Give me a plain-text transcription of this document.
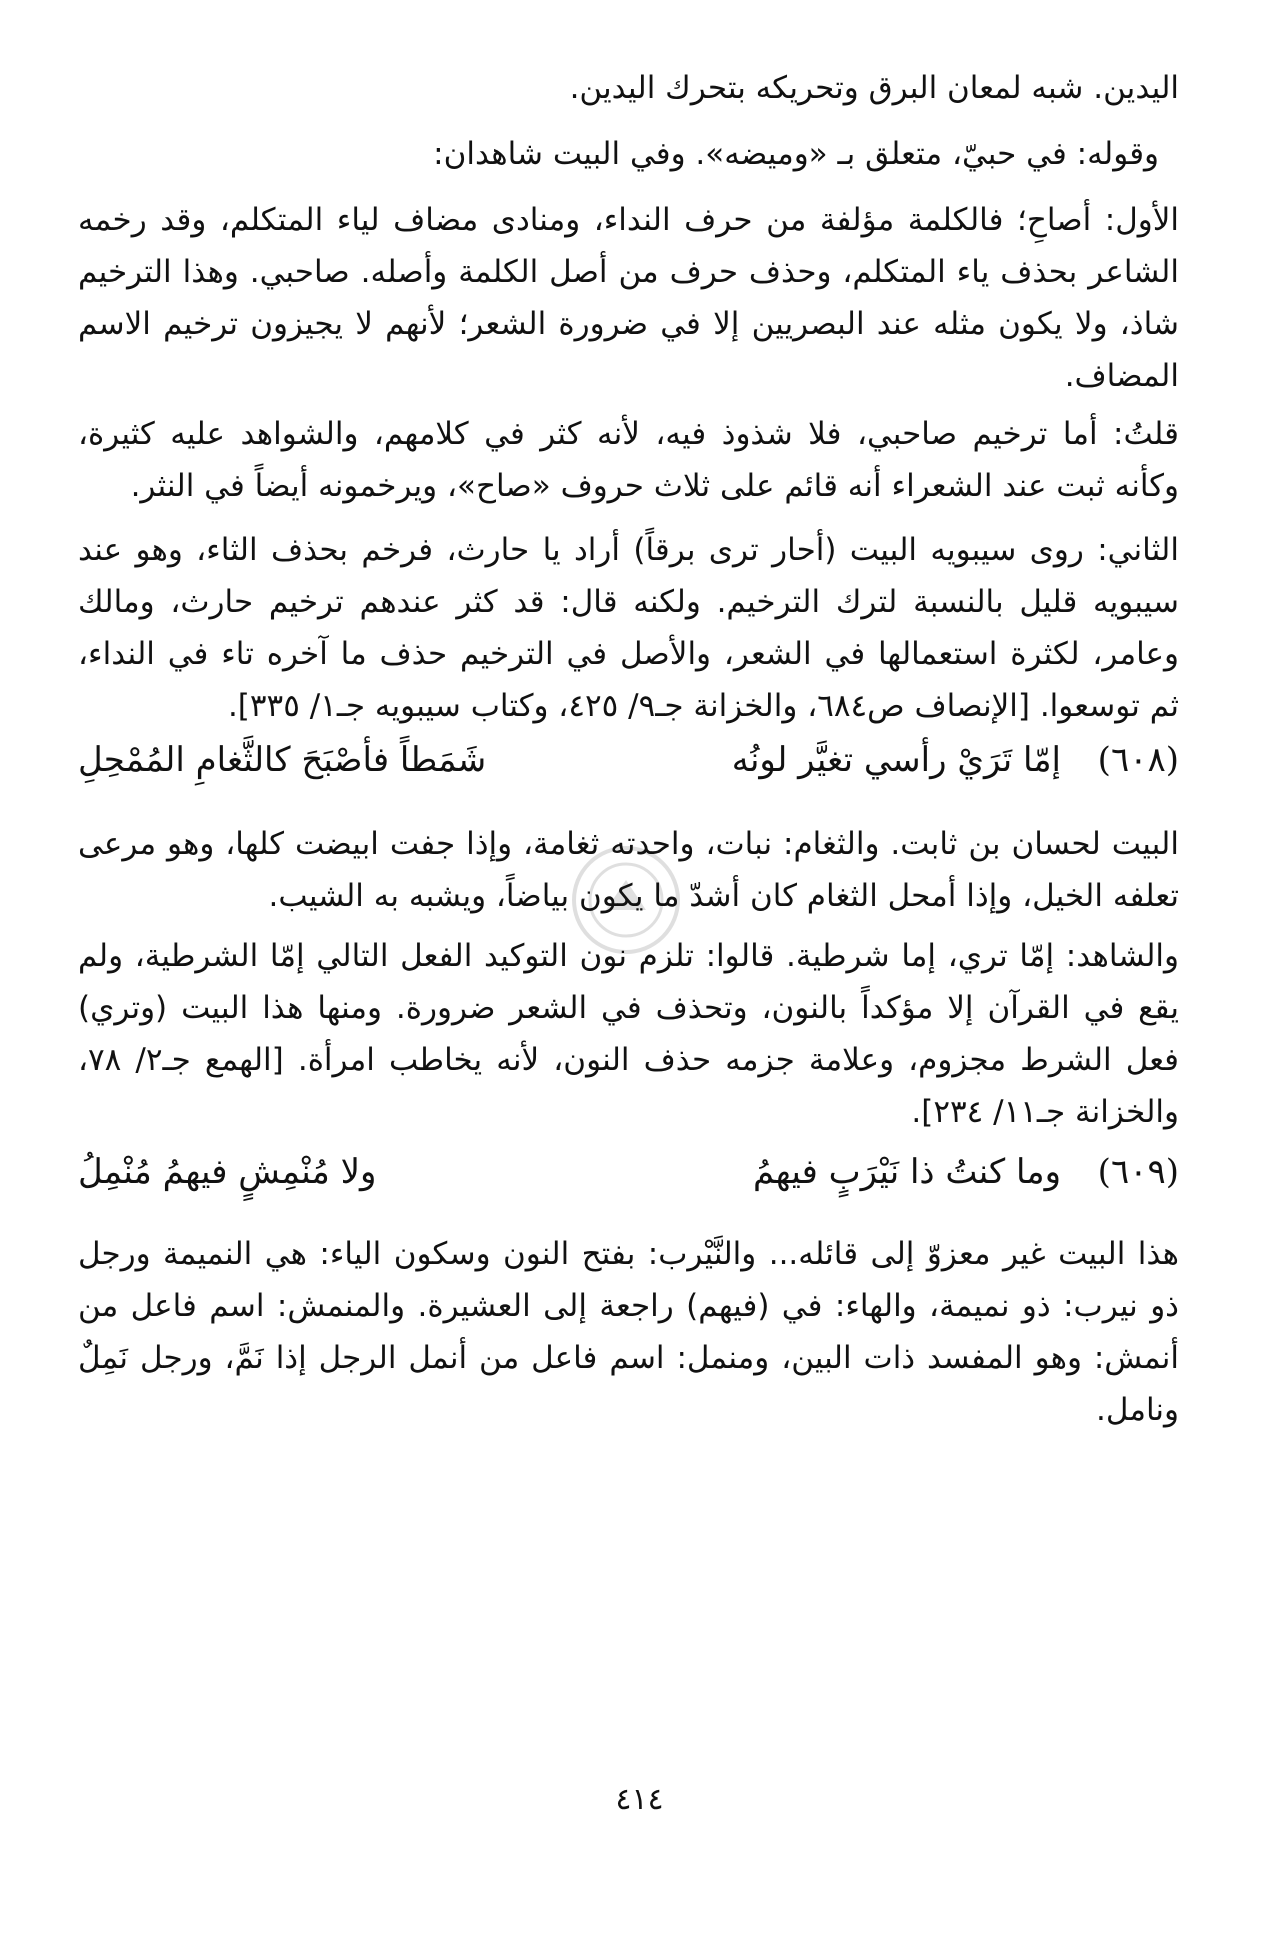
اليدين. شبه لمعان البرق وتحريكه بتحرك اليدين.

وقوله: في حبيّ، متعلق بـ «وميضه». وفي البيت شاهدان:

الأول: أصاحِ؛ فالكلمة مؤلفة من حرف النداء، ومنادى مضاف لياء المتكلم، وقد رخمه الشاعر بحذف ياء المتكلم، وحذف حرف من أصل الكلمة وأصله. صاحبي. وهذا الترخيم شاذ، ولا يكون مثله عند البصريين إلا في ضرورة الشعر؛ لأنهم لا يجيزون ترخيم الاسم المضاف.

قلتُ: أما ترخيم صاحبي، فلا شذوذ فيه، لأنه كثر في كلامهم، والشواهد عليه كثيرة، وكأنه ثبت عند الشعراء أنه قائم على ثلاث حروف «صاح»، ويرخمونه أيضاً في النثر.

الثاني: روى سيبويه البيت (أحار ترى برقاً) أراد يا حارث، فرخم بحذف الثاء، وهو عند سيبويه قليل بالنسبة لترك الترخيم. ولكنه قال: قد كثر عندهم ترخيم حارث، ومالك وعامر، لكثرة استعمالها في الشعر، والأصل في الترخيم حذف ما آخره تاء في النداء، ثم توسعوا. [الإنصاف ص٦٨٤، والخزانة جـ٩/ ٤٢٥، وكتاب سيبويه جـ١/ ٣٣٥].

(٦٠٨)
إمّا تَرَيْ رأسي تغيَّر لونُه
شَمَطاً فأصْبَحَ كالثَّغامِ المُمْحِلِ

البيت لحسان بن ثابت. والثغام: نبات، واحدته ثغامة، وإذا جفت ابيضت كلها، وهو مرعى تعلفه الخيل، وإذا أمحل الثغام كان أشدّ ما يكون بياضاً، ويشبه به الشيب.

والشاهد: إمّا تري، إما شرطية. قالوا: تلزم نون التوكيد الفعل التالي إمّا الشرطية، ولم يقع في القرآن إلا مؤكداً بالنون، وتحذف في الشعر ضرورة. ومنها هذا البيت (وتري) فعل الشرط مجزوم، وعلامة جزمه حذف النون، لأنه يخاطب امرأة. [الهمع جـ٢/ ٧٨، والخزانة جـ١١/ ٢٣٤].

(٦٠٩)
وما كنتُ ذا نَيْرَبٍ فيهمُ
ولا مُنْمِشٍ فيهمُ مُنْمِلُ

هذا البيت غير معزوّ إلى قائله... والنَّيْرب: بفتح النون وسكون الياء: هي النميمة ورجل ذو نيرب: ذو نميمة، والهاء: في (فيهم) راجعة إلى العشيرة. والمنمش: اسم فاعل من أنمش: وهو المفسد ذات البين، ومنمل: اسم فاعل من أنمل الرجل إذا نَمَّ، ورجل نَمِلٌ ونامل.

٤١٤
